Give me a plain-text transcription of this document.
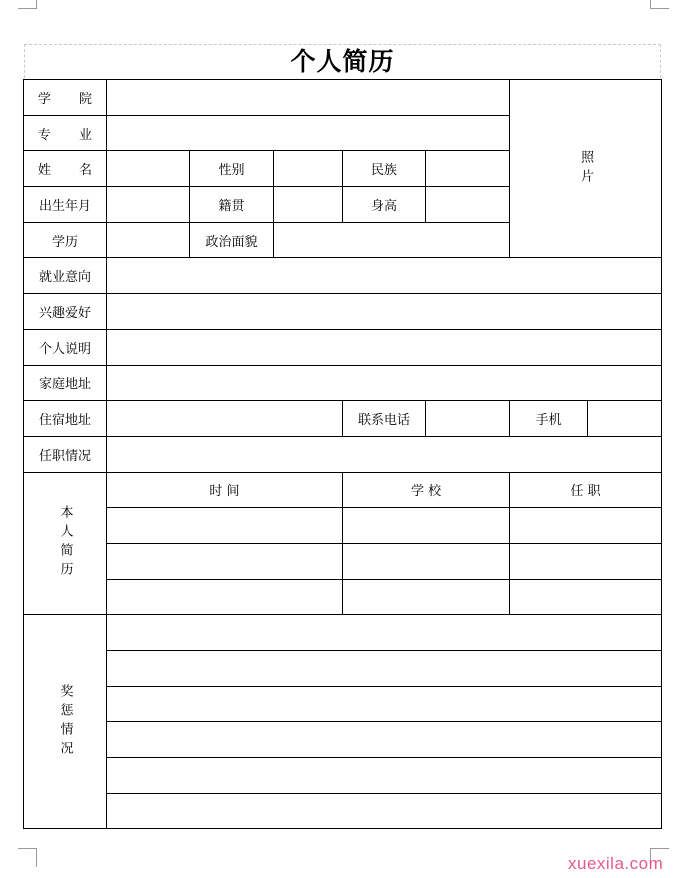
个人简历
学 院		
照片

专 业	
姓 名		性别		民族	
出生年月		籍贯		身高	
学历		政治面貌	
就业意向	
兴趣爱好	
个人说明	
家庭地址	
住宿地址		联系电话			手机	

任职情况	

本人简历
	时 间	学 校	任 职

奖惩情况

xuexila.com
